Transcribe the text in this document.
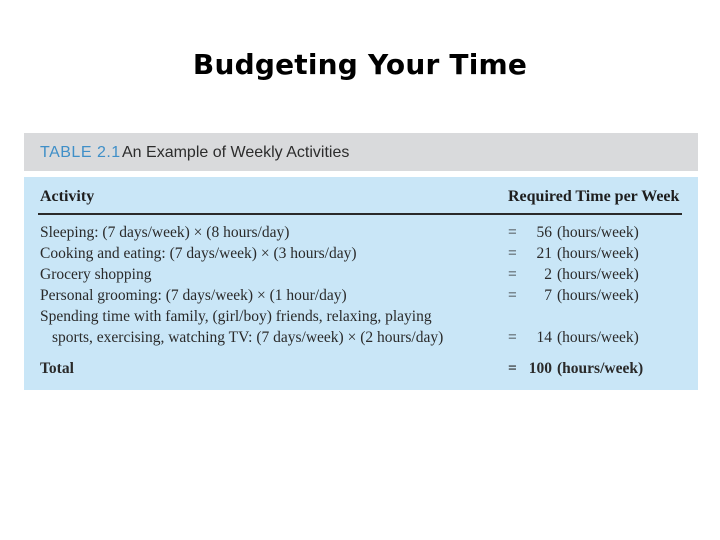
Budgeting Your Time
TABLE 2.1 An Example of Weekly Activities
Activity	Required Time per Week
Sleeping: (7 days/week) × (8 hours/day)	=	56 (hours/week)
Cooking and eating: (7 days/week) × (3 hours/day)	=	21 (hours/week)
Grocery shopping	=	2 (hours/week)
Personal grooming: (7 days/week) × (1 hour/day)	=	7 (hours/week)
Spending time with family, (girl/boy) friends, relaxing, playing
sports, exercising, watching TV: (7 days/week) × (2 hours/day)	=	14 (hours/week)
Total	= 100 (hours/week)
